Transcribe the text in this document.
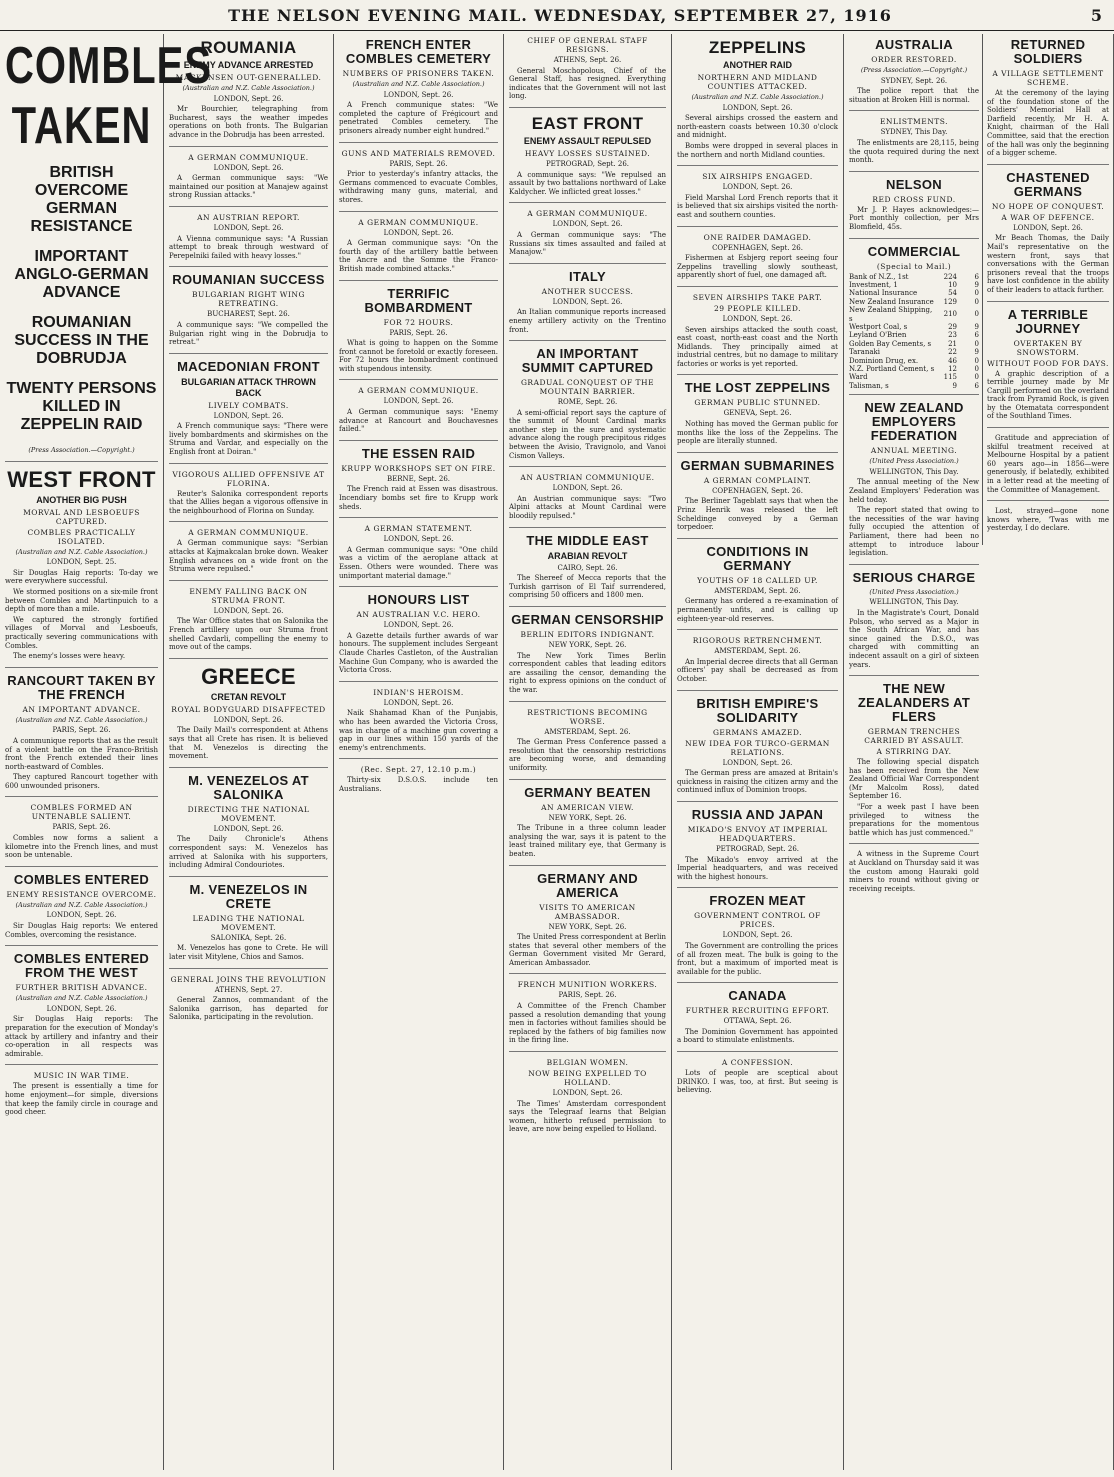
THE NELSON EVENING MAIL. WEDNESDAY, SEPTEMBER 27, 1916	5
COMBLES TAKEN
BRITISH OVERCOME GERMAN RESISTANCE
IMPORTANT ANGLO-GERMAN ADVANCE
ROUMANIAN SUCCESS IN THE DOBRUDJA
TWENTY PERSONS KILLED IN ZEPPELIN RAID
(Press Association.—Copyright.)
WEST FRONT
ANOTHER BIG PUSH
MORVAL AND LESBOEUFS CAPTURED.
COMBLES PRACTICALLY ISOLATED.
(Australian and N.Z. Cable Association.)
LONDON, Sept. 25.

Sir Douglas Haig reports: To-day we were everywhere successful.

We stormed positions on a six-mile front between Combles and Martinpuich to a depth of more than a mile.

We captured the strongly fortified villages of Morval and Lesboeufs, practically severing communications with Combles.

The enemy's losses were heavy.

RANCOURT TAKEN BY THE FRENCH
AN IMPORTANT ADVANCE.
(Australian and N.Z. Cable Association.)
PARIS, Sept. 26.

A communique reports that as the result of a violent battle on the Franco-British front the French extended their lines north-eastward of Combles.

They captured Rancourt together with 600 unwounded prisoners.

COMBLES FORMED AN UNTENABLE SALIENT.
PARIS, Sept. 26.

Combles now forms a salient a kilometre into the French lines, and must soon be untenable.

COMBLES ENTERED
ENEMY RESISTANCE OVERCOME.
(Australian and N.Z. Cable Association.)
LONDON, Sept. 26.

Sir Douglas Haig reports: We entered Combles, overcoming the resistance.

COMBLES ENTERED FROM THE WEST
FURTHER BRITISH ADVANCE.
(Australian and N.Z. Cable Association.)
LONDON, Sept. 26.

Sir Douglas Haig reports: The preparation for the execution of Monday's attack by artillery and infantry and their co-operation in all respects was admirable.

MUSIC IN WAR TIME.

The present is essentially a time for home enjoyment—for simple, diversions that keep the family circle in courage and good cheer.

ROUMANIA
ENEMY ADVANCE ARRESTED
MACKENSEN OUT-GENERALLED.
(Australian and N.Z. Cable Association.)
LONDON, Sept. 26.

Mr Bourchier, telegraphing from Bucharest, says the weather impedes operations on both fronts. The Bulgarian advance in the Dobrudja has been arrested.

A GERMAN COMMUNIQUE.
LONDON, Sept. 26.

A German communique says: "We maintained our position at Manajew against strong Russian attacks."

AN AUSTRIAN REPORT.
LONDON, Sept. 26.

A Vienna communique says: "A Russian attempt to break through westward of Perepelniki failed with heavy losses."

ROUMANIAN SUCCESS
BULGARIAN RIGHT WING RETREATING.
BUCHAREST, Sept. 26.

A communique says: "We compelled the Bulgarian right wing in the Dobrudja to retreat."

MACEDONIAN FRONT
BULGARIAN ATTACK THROWN BACK
LIVELY COMBATS.
LONDON, Sept. 26.

A French communique says: "There were lively bombardments and skirmishes on the Struma and Vardar, and especially on the English front at Doiran."

VIGOROUS ALLIED OFFENSIVE AT FLORINA.

Reuter's Salonika correspondent reports that the Allies began a vigorous offensive in the neighbourhood of Florina on Sunday.

A GERMAN COMMUNIQUE.

A German communique says: "Serbian attacks at Kajmakcalan broke down. Weaker English advances on a wide front on the Struma were repulsed."

ENEMY FALLING BACK ON STRUMA FRONT.
LONDON, Sept. 26.

The War Office states that on Salonika the French artillery upon our Struma front shelled Cavdarli, compelling the enemy to move out of the camps.

GREECE
CRETAN REVOLT
ROYAL BODYGUARD DISAFFECTED
LONDON, Sept. 26.

The Daily Mail's correspondent at Athens says that all Crete has risen. It is believed that M. Venezelos is directing the movement.

M. VENEZELOS AT SALONIKA
DIRECTING THE NATIONAL MOVEMENT.
LONDON, Sept. 26.

The Daily Chronicle's Athens correspondent says: M. Venezelos has arrived at Salonika with his supporters, including Admiral Condouriotes.

M. VENEZELOS IN CRETE
LEADING THE NATIONAL MOVEMENT.
SALONIKA, Sept. 26.

M. Venezelos has gone to Crete. He will later visit Mitylene, Chios and Samos.

GENERAL JOINS THE REVOLUTION
ATHENS, Sept. 27.

General Zannos, commandant of the Salonika garrison, has departed for Salonika, participating in the revolution.

FRENCH ENTER COMBLES CEMETERY
NUMBERS OF PRISONERS TAKEN.
(Australian and N.Z. Cable Association.)
LONDON, Sept. 26.

A French communique states: "We completed the capture of Frégicourt and penetrated Combles cemetery. The prisoners already number eight hundred."

GUNS AND MATERIALS REMOVED.
PARIS, Sept. 26.

Prior to yesterday's infantry attacks, the Germans commenced to evacuate Combles, withdrawing many guns, material, and stores.

A GERMAN COMMUNIQUE.
LONDON, Sept. 26.

A German communique says: "On the fourth day of the artillery battle between the Ancre and the Somme the Franco-British made combined attacks."

TERRIFIC BOMBARDMENT
FOR 72 HOURS.
PARIS, Sept. 26.

What is going to happen on the Somme front cannot be foretold or exactly foreseen. For 72 hours the bombardment continued with stupendous intensity.

A GERMAN COMMUNIQUE.
LONDON, Sept. 26.

A German communique says: "Enemy advance at Rancourt and Bouchavesnes failed."

THE ESSEN RAID
KRUPP WORKSHOPS SET ON FIRE.
BERNE, Sept. 26.

The French raid at Essen was disastrous. Incendiary bombs set fire to Krupp work sheds.

A GERMAN STATEMENT.
LONDON, Sept. 26.

A German communique says: "One child was a victim of the aeroplane attack at Essen. Others were wounded. There was unimportant material damage."

HONOURS LIST
AN AUSTRALIAN V.C. HERO.
LONDON, Sept. 26.

A Gazette details further awards of war honours. The supplement includes Sergeant Claude Charles Castleton, of the Australian Machine Gun Company, who is awarded the Victoria Cross.

INDIAN'S HEROISM.
LONDON, Sept. 26.

Naik Shahamad Khan of the Punjabis, who has been awarded the Victoria Cross, was in charge of a machine gun covering a gap in our lines within 150 yards of the enemy's entrenchments.

(Rec. Sept. 27, 12.10 p.m.)

Thirty-six D.S.O.S. include ten Australians.

CHIEF OF GENERAL STAFF RESIGNS.
ATHENS, Sept. 26.

General Moschopolous, Chief of the General Staff, has resigned. Everything indicates that the Government will not last long.

EAST FRONT
ENEMY ASSAULT REPULSED
HEAVY LOSSES SUSTAINED.
PETROGRAD, Sept. 26.

A communique says: "We repulsed an assault by two battalions northward of Lake Kaldycher. We inflicted great losses."

A GERMAN COMMUNIQUE.
LONDON, Sept. 26.

A German communique says: "The Russians six times assaulted and failed at Manajow."

ITALY
ANOTHER SUCCESS.
LONDON, Sept. 26.

An Italian communique reports increased enemy artillery activity on the Trentino front.

AN IMPORTANT SUMMIT CAPTURED
GRADUAL CONQUEST OF THE MOUNTAIN BARRIER.
ROME, Sept. 26.

A semi-official report says the capture of the summit of Mount Cardinal marks another step in the sure and systematic advance along the rough precipitous ridges between the Avisio, Travignolo, and Vanoi Cismon Valleys.

AN AUSTRIAN COMMUNIQUE.
LONDON, Sept. 26.

An Austrian communique says: "Two Alpini attacks at Mount Cardinal were bloodily repulsed."

THE MIDDLE EAST
ARABIAN REVOLT
CAIRO, Sept. 26.

The Shereef of Mecca reports that the Turkish garrison of El Taif surrendered, comprising 50 officers and 1800 men.

GERMAN CENSORSHIP
BERLIN EDITORS INDIGNANT.
NEW YORK, Sept. 26.

The New York Times Berlin correspondent cables that leading editors are assailing the censor, demanding the right to express opinions on the conduct of the war.

RESTRICTIONS BECOMING WORSE.
AMSTERDAM, Sept. 26.

The German Press Conference passed a resolution that the censorship restrictions are becoming worse, and demanding uniformity.

GERMANY BEATEN
AN AMERICAN VIEW.
NEW YORK, Sept. 26.

The Tribune in a three column leader analysing the war, says it is patent to the least trained military eye, that Germany is beaten.

GERMANY AND AMERICA
VISITS TO AMERICAN AMBASSADOR.
NEW YORK, Sept. 26.

The United Press correspondent at Berlin states that several other members of the German Government visited Mr Gerard, American Ambassador.

FRENCH MUNITION WORKERS.
PARIS, Sept. 26.

A Committee of the French Chamber passed a resolution demanding that young men in factories without families should be replaced by the fathers of big families now in the firing line.

BELGIAN WOMEN.
NOW BEING EXPELLED TO HOLLAND.
LONDON, Sept. 26.

The Times' Amsterdam correspondent says the Telegraaf learns that Belgian women, hitherto refused permission to leave, are now being expelled to Holland.

ZEPPELINS
ANOTHER RAID
NORTHERN AND MIDLAND COUNTIES ATTACKED.
(Australian and N.Z. Cable Association.)
LONDON, Sept. 26.

Several airships crossed the eastern and north-eastern coasts between 10.30 o'clock and midnight.

Bombs were dropped in several places in the northern and north Midland counties.

SIX AIRSHIPS ENGAGED.
LONDON, Sept. 26.

Field Marshal Lord French reports that it is believed that six airships visited the north-east and southern counties.

ONE RAIDER DAMAGED.
COPENHAGEN, Sept. 26.

Fishermen at Esbjerg report seeing four Zeppelins travelling slowly southeast, apparently short of fuel, one damaged aft.

SEVEN AIRSHIPS TAKE PART.
29 PEOPLE KILLED.
LONDON, Sept. 26.

Seven airships attacked the south coast, east coast, north-east coast and the North Midlands. They principally aimed at industrial centres, but no damage to military factories or works is yet reported.

THE LOST ZEPPELINS
GERMAN PUBLIC STUNNED.
GENEVA, Sept. 26.

Nothing has moved the German public for months like the loss of the Zeppelins. The people are literally stunned.

GERMAN SUBMARINES
A GERMAN COMPLAINT.
COPENHAGEN, Sept. 26.

The Berliner Tageblatt says that when the Prinz Henrik was released the left Scheldinge conveyed by a German torpedoer.

CONDITIONS IN GERMANY
YOUTHS OF 18 CALLED UP.
AMSTERDAM, Sept. 26.

Germany has ordered a re-examination of permanently unfits, and is calling up eighteen-year-old reserves.

RIGOROUS RETRENCHMENT.
AMSTERDAM, Sept. 26.

An Imperial decree directs that all German officers' pay shall be decreased as from October.

BRITISH EMPIRE'S SOLIDARITY
GERMANS AMAZED.
NEW IDEA FOR TURCO-GERMAN RELATIONS.
LONDON, Sept. 26.

The German press are amazed at Britain's quickness in raising the citizen army and the continued influx of Dominion troops.

RUSSIA AND JAPAN
MIKADO'S ENVOY AT IMPERIAL HEADQUARTERS.
PETROGRAD, Sept. 26.

The Mikado's envoy arrived at the Imperial headquarters, and was received with the highest honours.

FROZEN MEAT
GOVERNMENT CONTROL OF PRICES.
LONDON, Sept. 26.

The Government are controlling the prices of all frozen meat. The bulk is going to the front, but a maximum of imported meat is available for the public.

CANADA
FURTHER RECRUITING EFFORT.
OTTAWA, Sept. 26.

The Dominion Government has appointed a board to stimulate enlistments.

A CONFESSION.

Lots of people are sceptical about DRINKO. I was, too, at first. But seeing is believing.

AUSTRALIA
ORDER RESTORED.
(Press Association.—Copyright.)
SYDNEY, Sept. 26.

The police report that the situation at Broken Hill is normal.

ENLISTMENTS.
SYDNEY, This Day.

The enlistments are 28,115, being the quota required during the next month.

NELSON
RED CROSS FUND.

Mr J. P. Hayes acknowledges:—Port monthly collection, per Mrs Blomfield, 45s.

COMMERCIAL
(Special to Mail.)
Bank of N.Z., 1st	224	6
Investment, 1	10	9
National Insurance	54	0
New Zealand Insurance	129	0
New Zealand Shipping, s	210	0
Westport Coal, s	29	9
Leyland O'Brien	23	6
Golden Bay Cements, s	21	0
Taranaki	22	9
Dominion Drug, ex.	46	0
N.Z. Portland Cement, s	12	0
Ward	115	0
Talisman, s	9	6
NEW ZEALAND EMPLOYERS FEDERATION
ANNUAL MEETING.
(United Press Association.)
WELLINGTON, This Day.

The annual meeting of the New Zealand Employers' Federation was held today.

The report stated that owing to the necessities of the war having fully occupied the attention of Parliament, there had been no attempt to introduce labour legislation.

SERIOUS CHARGE
(United Press Association.)
WELLINGTON, This Day.

In the Magistrate's Court, Donald Polson, who served as a Major in the South African War, and has since gained the D.S.O., was charged with committing an indecent assault on a girl of sixteen years.

THE NEW ZEALANDERS AT FLERS
GERMAN TRENCHES CARRIED BY ASSAULT.
A STIRRING DAY.

The following special dispatch has been received from the New Zealand Official War Correspondent (Mr Malcolm Ross), dated September 16.

"For a week past I have been privileged to witness the preparations for the momentous battle which has just commenced."

A witness in the Supreme Court at Auckland on Thursday said it was the custom among Hauraki gold miners to round without giving or receiving receipts.

RETURNED SOLDIERS
A VILLAGE SETTLEMENT SCHEME.

At the ceremony of the laying of the foundation stone of the Soldiers' Memorial Hall at Darfield recently, Mr H. A. Knight, chairman of the Hall Committee, said that the erection of the hall was only the beginning of a bigger scheme.

CHASTENED GERMANS
NO HOPE OF CONQUEST.
A WAR OF DEFENCE.
LONDON, Sept. 26.

Mr Beach Thomas, the Daily Mail's representative on the western front, says that conversations with the German prisoners reveal that the troops have lost confidence in the ability of their leaders to attack further.

A TERRIBLE JOURNEY
OVERTAKEN BY SNOWSTORM.
WITHOUT FOOD FOR DAYS.

A graphic description of a terrible journey made by Mr Cargill performed on the overland track from Pyramid Rock, is given by the Otematata correspondent of the Southland Times.

Gratitude and appreciation of skilful treatment received at Melbourne Hospital by a patient 60 years ago—in 1856—were generously, if belatedly, exhibited in a letter read at the meeting of the Committee of Management.

Lost, strayed—gone none knows where, 'Twas with me yesterday, I do declare.
